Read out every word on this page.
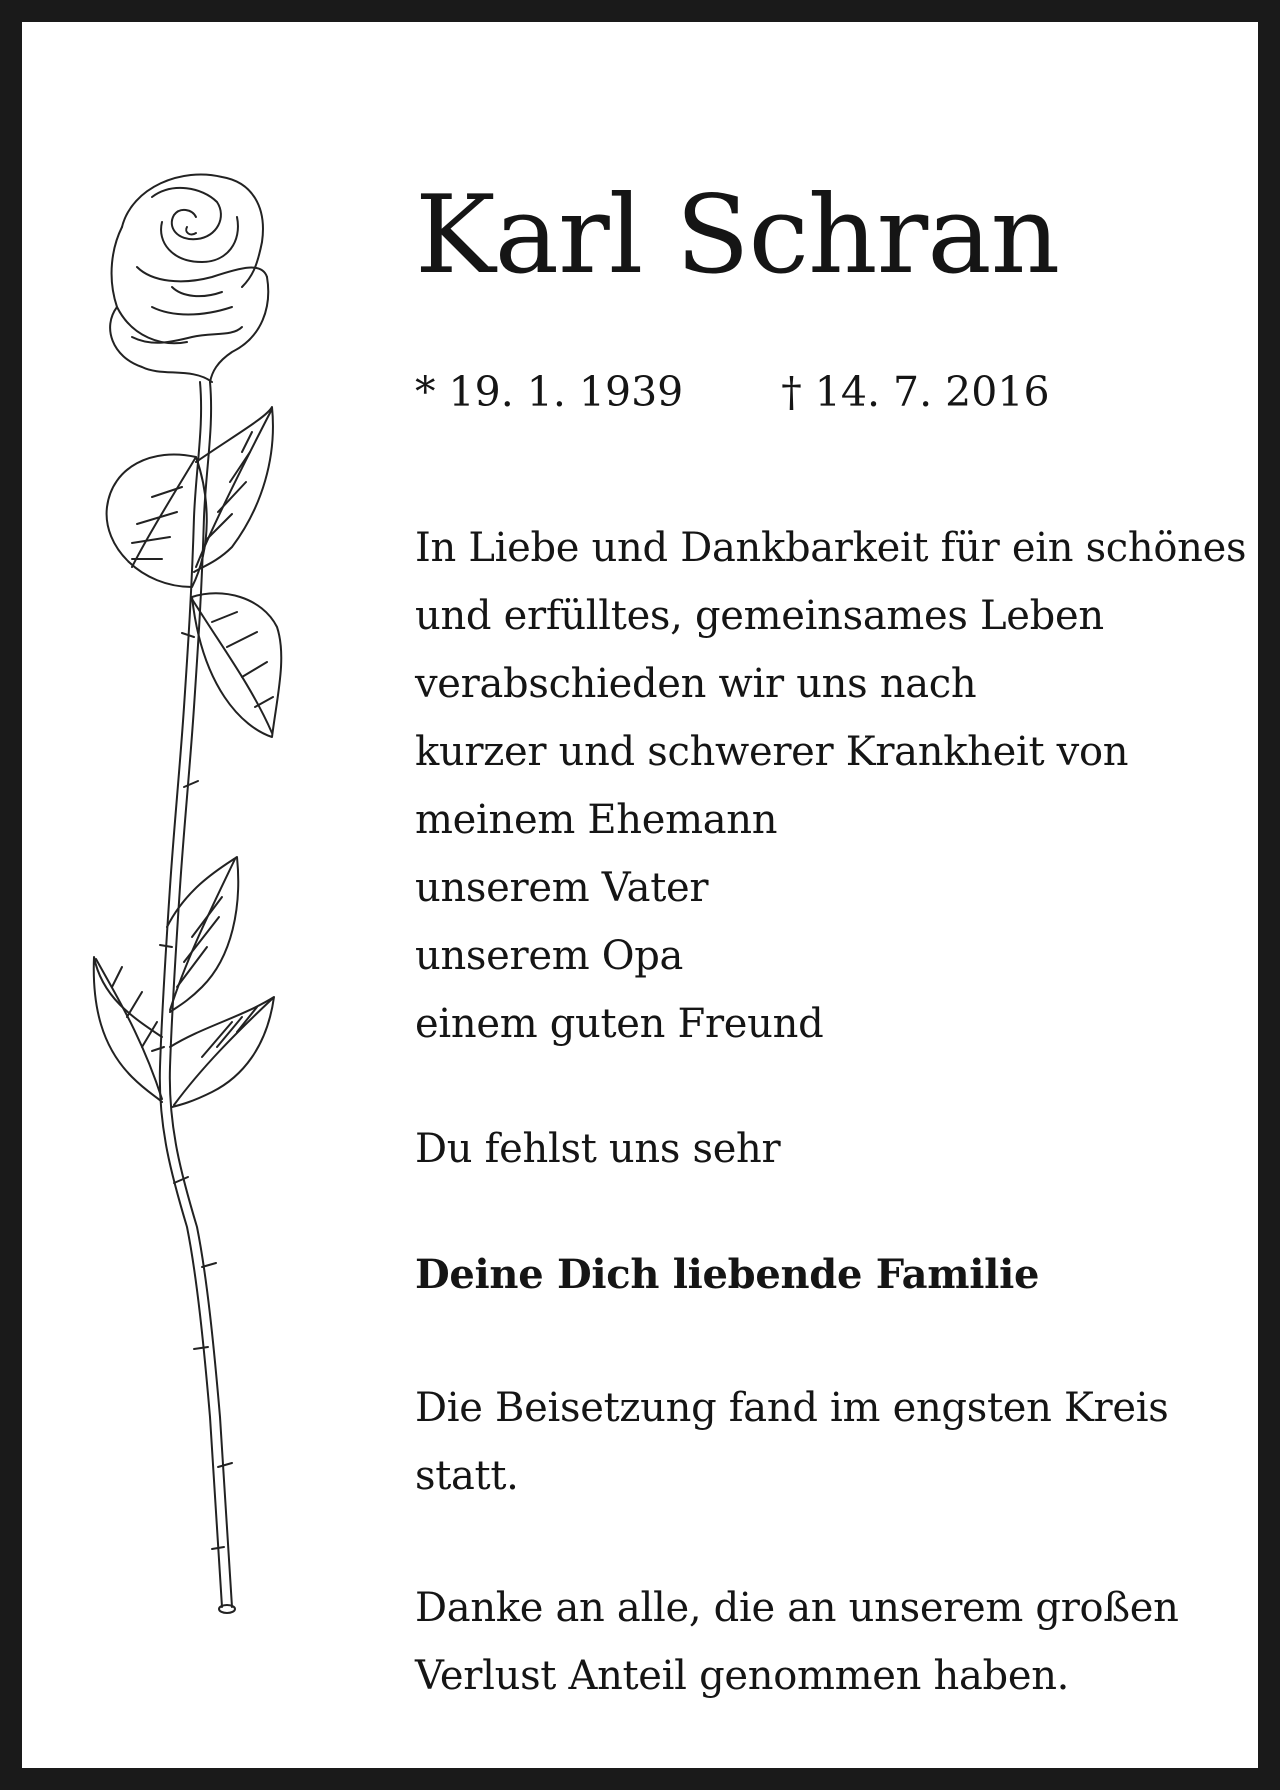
Karl Schran
* 19. 1. 1939 † 14. 7. 2016
In Liebe und Dankbarkeit für ein schönes
und erfülltes, gemeinsames Leben
verabschieden wir uns nach
kurzer und schwerer Krankheit von
meinem Ehemann
unserem Vater
unserem Opa
einem guten Freund
Du fehlst uns sehr
Deine Dich liebende Familie
Die Beisetzung fand im engsten Kreis
statt.
Danke an alle, die an unserem großen
Verlust Anteil genommen haben.
